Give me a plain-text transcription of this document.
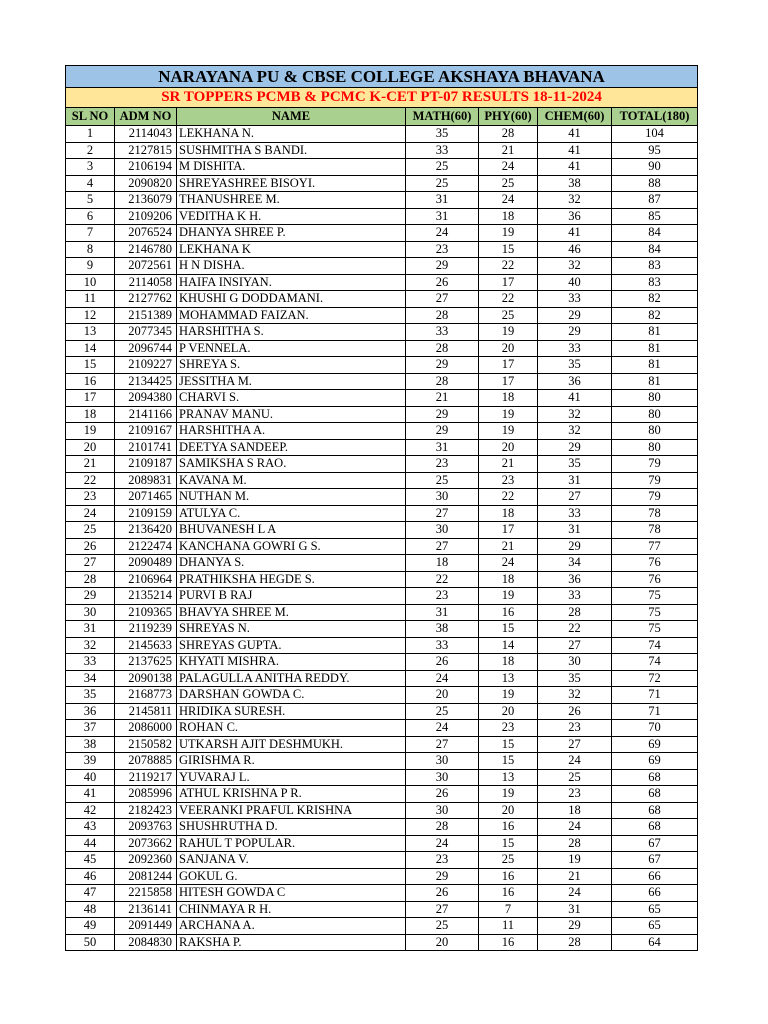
NARAYANA PU & CBSE COLLEGE AKSHAYA BHAVANA						
SR TOPPERS PCMB & PCMC K-CET PT-07 RESULTS 18-11-2024						
SL NO	ADM NO	NAME	MATH(60)	PHY(60)	CHEM(60)	TOTAL(180)
1	2114043	LEKHANA N.	35	28	41	104
2	2127815	SUSHMITHA S BANDI.	33	21	41	95
3	2106194	M DISHITA.	25	24	41	90
4	2090820	SHREYASHREE BISOYI.	25	25	38	88
5	2136079	THANUSHREE M.	31	24	32	87
6	2109206	VEDITHA K H.	31	18	36	85
7	2076524	DHANYA SHREE P.	24	19	41	84
8	2146780	LEKHANA K	23	15	46	84
9	2072561	H N DISHA.	29	22	32	83
10	2114058	HAIFA INSIYAN.	26	17	40	83
11	2127762	KHUSHI G DODDAMANI.	27	22	33	82
12	2151389	MOHAMMAD FAIZAN.	28	25	29	82
13	2077345	HARSHITHA S.	33	19	29	81
14	2096744	P VENNELA.	28	20	33	81
15	2109227	SHREYA S.	29	17	35	81
16	2134425	JESSITHA M.	28	17	36	81
17	2094380	CHARVI S.	21	18	41	80
18	2141166	PRANAV MANU.	29	19	32	80
19	2109167	HARSHITHA A.	29	19	32	80
20	2101741	DEETYA SANDEEP.	31	20	29	80
21	2109187	SAMIKSHA S RAO.	23	21	35	79
22	2089831	KAVANA M.	25	23	31	79
23	2071465	NUTHAN M.	30	22	27	79
24	2109159	ATULYA C.	27	18	33	78
25	2136420	BHUVANESH L A	30	17	31	78
26	2122474	KANCHANA GOWRI G S.	27	21	29	77
27	2090489	DHANYA S.	18	24	34	76
28	2106964	PRATHIKSHA HEGDE S.	22	18	36	76
29	2135214	PURVI B RAJ	23	19	33	75
30	2109365	BHAVYA SHREE M.	31	16	28	75
31	2119239	SHREYAS N.	38	15	22	75
32	2145633	SHREYAS GUPTA.	33	14	27	74
33	2137625	KHYATI MISHRA.	26	18	30	74
34	2090138	PALAGULLA ANITHA REDDY.	24	13	35	72
35	2168773	DARSHAN GOWDA C.	20	19	32	71
36	2145811	HRIDIKA SURESH.	25	20	26	71
37	2086000	ROHAN C.	24	23	23	70
38	2150582	UTKARSH AJIT DESHMUKH.	27	15	27	69
39	2078885	GIRISHMA R.	30	15	24	69
40	2119217	YUVARAJ L.	30	13	25	68
41	2085996	ATHUL KRISHNA P R.	26	19	23	68
42	2182423	VEERANKI PRAFUL KRISHNA	30	20	18	68
43	2093763	SHUSHRUTHA D.	28	16	24	68
44	2073662	RAHUL T POPULAR.	24	15	28	67
45	2092360	SANJANA V.	23	25	19	67
46	2081244	GOKUL G.	29	16	21	66
47	2215858	HITESH GOWDA C	26	16	24	66
48	2136141	CHINMAYA R H.	27	7	31	65
49	2091449	ARCHANA A.	25	11	29	65
50	2084830	RAKSHA P.	20	16	28	64
